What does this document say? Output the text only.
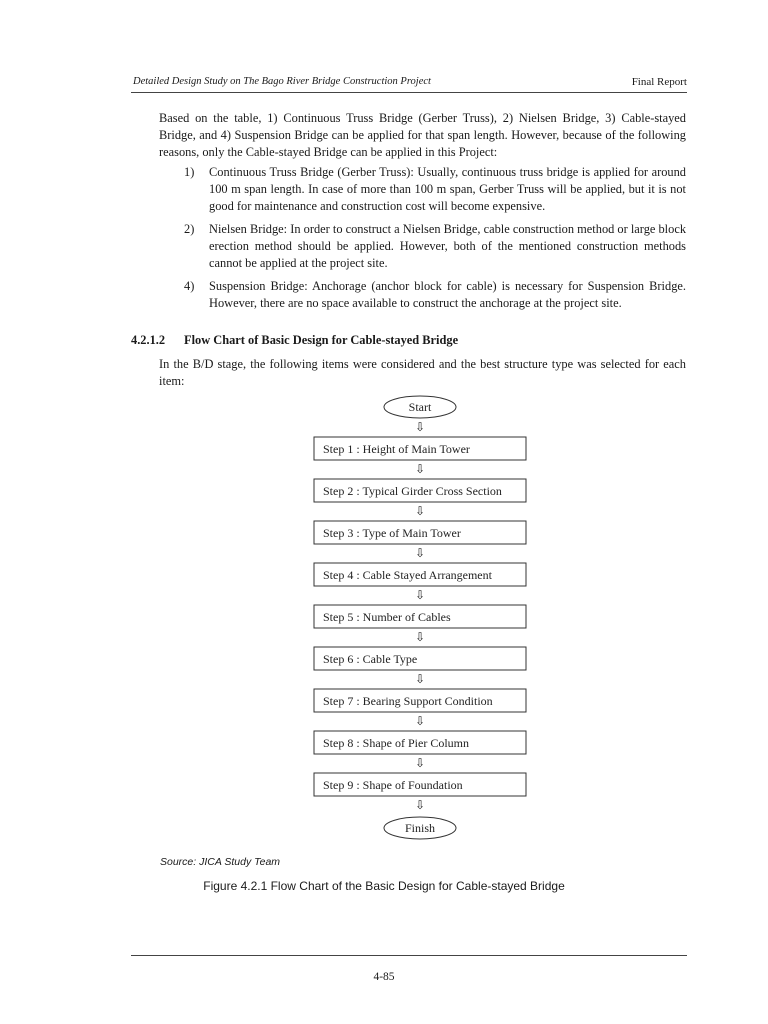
Detailed Design Study on The Bago River Bridge Construction Project	Final Report
Based on the table, 1) Continuous Truss Bridge (Gerber Truss), 2) Nielsen Bridge, 3) Cable-stayed Bridge, and 4) Suspension Bridge can be applied for that span length. However, because of the following reasons, only the Cable-stayed Bridge can be applied in this Project:
1) Continuous Truss Bridge (Gerber Truss): Usually, continuous truss bridge is applied for around 100 m span length. In case of more than 100 m span, Gerber Truss will be applied, but it is not good for maintenance and construction cost will become expensive.
2) Nielsen Bridge: In order to construct a Nielsen Bridge, cable construction method or large block erection method should be applied. However, both of the mentioned construction methods cannot be applied at the project site.
4) Suspension Bridge: Anchorage (anchor block for cable) is necessary for Suspension Bridge. However, there are no space available to construct the anchorage at the project site.
4.2.1.2 Flow Chart of Basic Design for Cable-stayed Bridge
In the B/D stage, the following items were considered and the best structure type was selected for each item:
Start
⇩
Step 1 : Height of Main Tower
⇩
Step 2 : Typical Girder Cross Section
⇩
Step 3 : Type of Main Tower
⇩
Step 4 : Cable Stayed Arrangement
⇩
Step 5 : Number of Cables
⇩
Step 6 : Cable Type
⇩
Step 7 : Bearing Support Condition
⇩
Step 8 : Shape of Pier Column
⇩
Step 9 : Shape of Foundation
⇩
Finish
Source: JICA Study Team
Figure 4.2.1 Flow Chart of the Basic Design for Cable-stayed Bridge
4-85
